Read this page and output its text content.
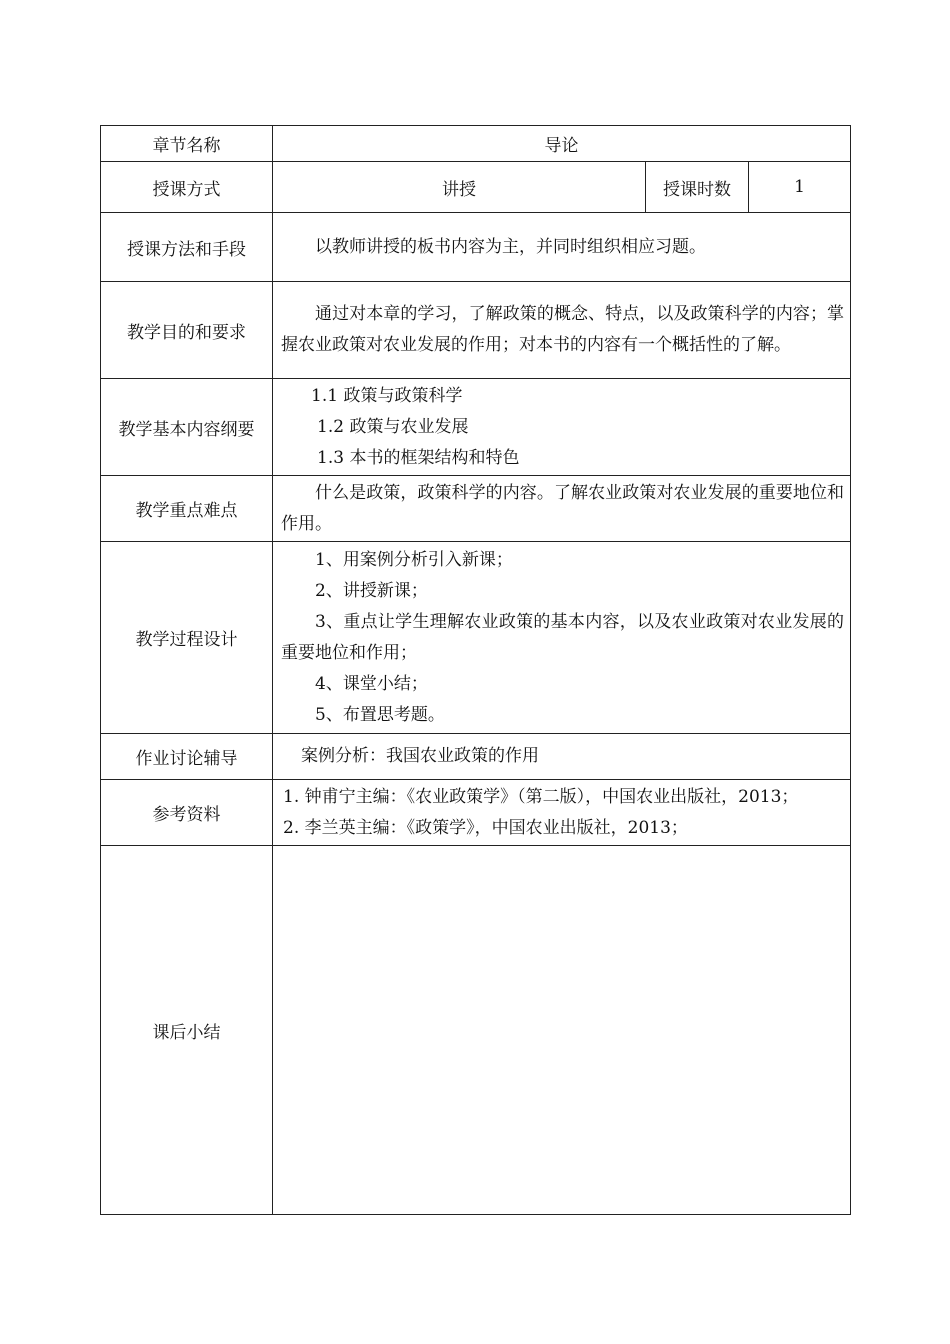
章节名称	导论		
授课方式	讲授	授课时数	1
授课方法和手段	以教师讲授的板书内容为主，并同时组织相应习题。		

教学目的和要求	通过对本章的学习，了解政策的概念、特点，以及政策科学的内容；掌握农业政策对农业发展的作用；对本书的内容有一个概括性的了解。		

教学基本内容纲要	1.1 政策与政策科学
1.2 政策与农业发展
1.3 本书的框架结构和特色		

教学重点难点	什么是政策，政策科学的内容。了解农业政策对农业发展的重要地位和作用。		

教学过程设计	1、用案例分析引入新课；
2、讲授新课；
3、重点让学生理解农业政策的基本内容，以及农业政策对农业发展的重要地位和作用；
4、课堂小结；
5、布置思考题。		

作业讨论辅导	案例分析：我国农业政策的作用		

参考资料	1. 钟甫宁主编：《农业政策学》（第二版），中国农业出版社，2013；
2. 李兰英主编：《政策学》，中国农业出版社，2013；		

课后小结			
